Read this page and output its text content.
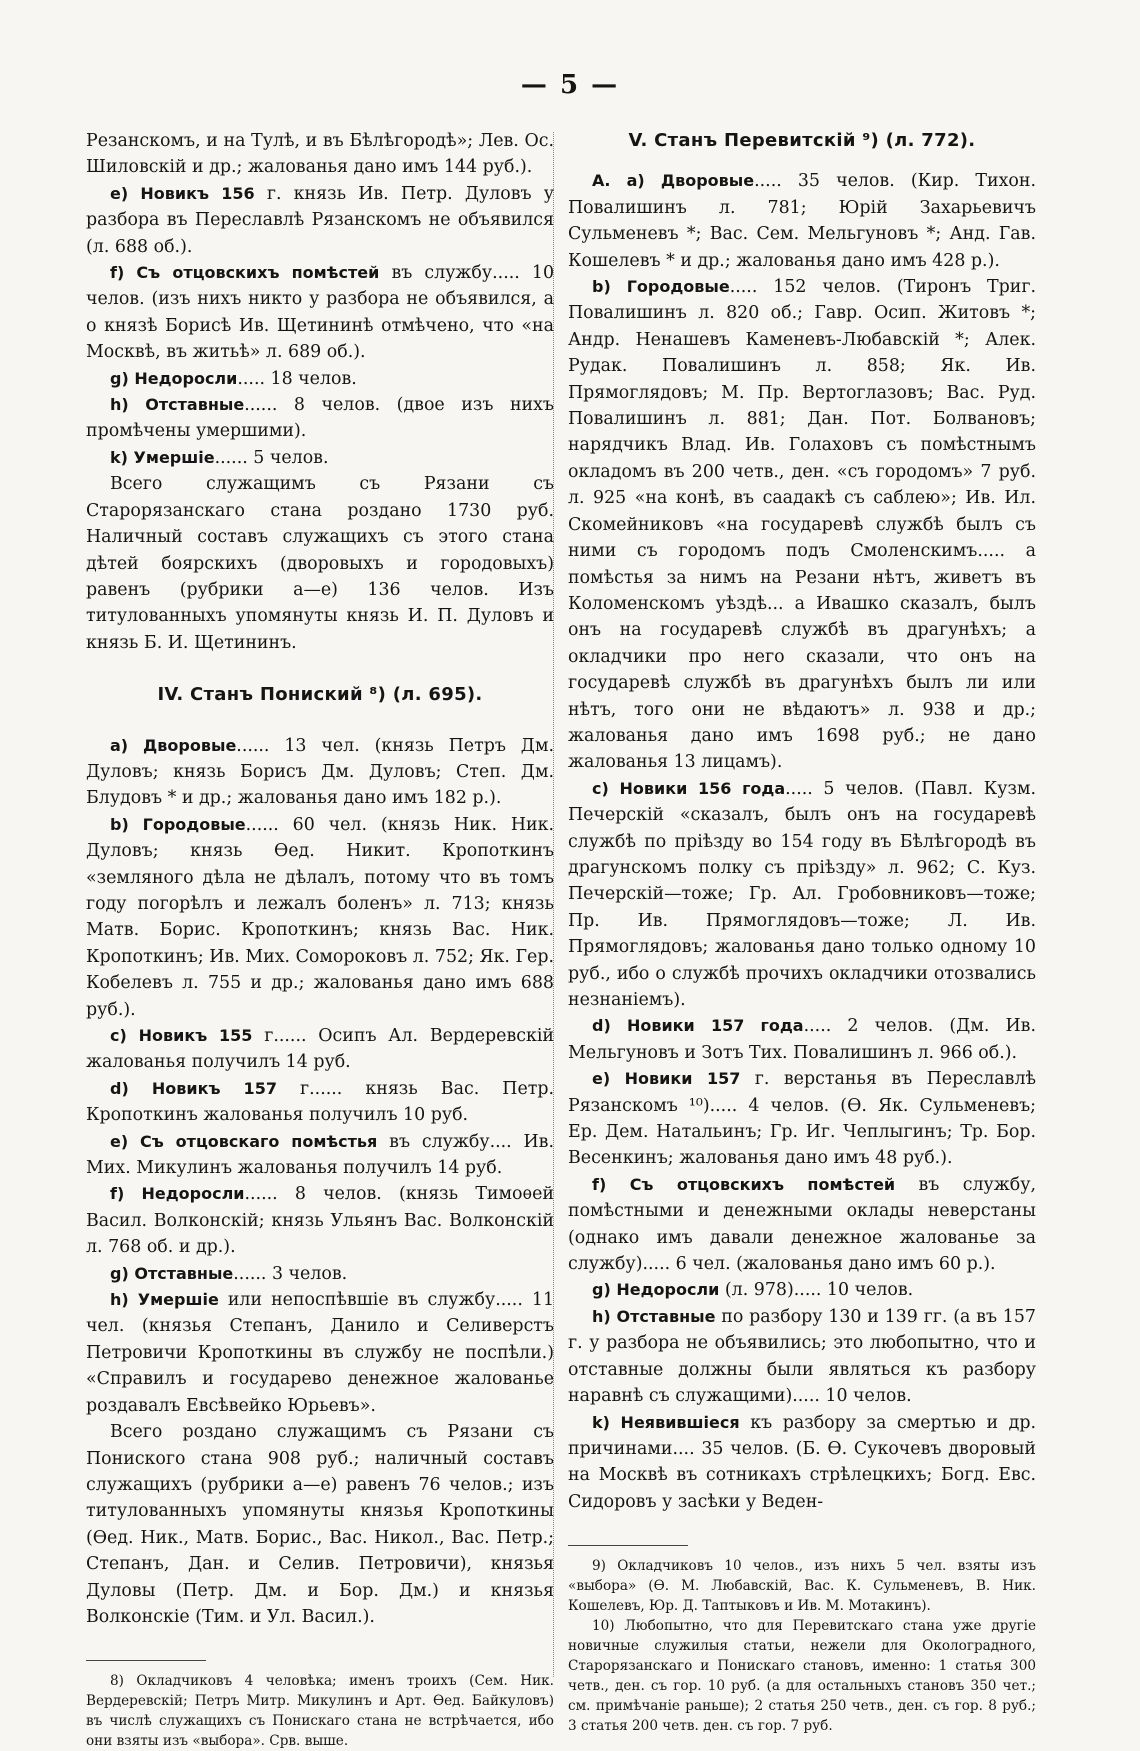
— 5 —

Резанскомъ, и на Тулѣ, и въ Бѣлѣгородѣ»; Лев. Ос. Шиловскій и др.; жалованья дано имъ 144 руб.).

е) Новикъ 156 г. князь Ив. Петр. Дуловъ у разбора въ Переславлѣ Рязанскомъ не объявился (л. 688 об.).

f) Съ отцовскихъ помѣстей въ службу..... 10 челов. (изъ нихъ никто у разбора не объявился, а о князѣ Борисѣ Ив. Щетининѣ отмѣчено, что «на Москвѣ, въ житьѣ» л. 689 об.).

g) Недоросли..... 18 челов.

h) Отставные...... 8 челов. (двое изъ нихъ промѣчены умершими).

k) Умершіе...... 5 челов.

Всего служащимъ съ Рязани съ Старорязанскаго стана роздано 1730 руб. Наличный составъ служащихъ съ этого стана дѣтей боярскихъ (дворовыхъ и городовыхъ) равенъ (рубрики а—е) 136 челов. Изъ титулованныхъ упомянуты князь И. П. Дуловъ и князь Б. И. Щетининъ.

IV. Станъ Пониский ⁸) (л. 695).

а) Дворовые...... 13 чел. (князь Петръ Дм. Дуловъ; князь Борисъ Дм. Дуловъ; Степ. Дм. Блудовъ * и др.; жалованья дано имъ 182 р.).

b) Городовые...... 60 чел. (князь Ник. Ник. Дуловъ; князь Ѳед. Никит. Кропоткинъ «земляного дѣла не дѣлалъ, потому что въ томъ году погорѣлъ и лежалъ боленъ» л. 713; князь Матв. Борис. Кропоткинъ; князь Вас. Ник. Кропоткинъ; Ив. Мих. Сомороковъ л. 752; Як. Гер. Кобелевъ л. 755 и др.; жалованья дано имъ 688 руб.).

c) Новикъ 155 г...... Осипъ Ал. Вердеревскій жалованья получилъ 14 руб.

d) Новикъ 157 г...... князь Вас. Петр. Кропоткинъ жалованья получилъ 10 руб.

e) Съ отцовскаго помѣстья въ службу.... Ив. Мих. Микулинъ жалованья получилъ 14 руб.

f) Недоросли...... 8 челов. (князь Тимоѳей Васил. Волконскій; князь Ульянъ Вас. Волконскій л. 768 об. и др.).

g) Отставные...... 3 челов.

h) Умершіе или непоспѣвшіе въ службу..... 11 чел. (князья Степанъ, Данило и Селиверстъ Петровичи Кропоткины въ службу не поспѣли.) «Справилъ и государево денежное жалованье роздавалъ Евсѣвейко Юрьевъ».

Всего роздано служащимъ съ Рязани съ Пониского стана 908 руб.; наличный составъ служащихъ (рубрики а—е) равенъ 76 челов.; изъ титулованныхъ упомянуты князья Кропоткины (Ѳед. Ник., Матв. Борис., Вас. Никол., Вас. Петр.; Степанъ, Дан. и Селив. Петровичи), князья Дуловы (Петр. Дм. и Бор. Дм.) и князья Волконскіе (Тим. и Ул. Васил.).

8) Окладчиковъ 4 человѣка; именъ троихъ (Сем. Ник. Вердеревскій; Петръ Митр. Микулинъ и Арт. Ѳед. Байкуловъ) въ числѣ служащихъ съ Понискаго стана не встрѣчается, ибо они взяты изъ «выбора». Срв. выше.

V. Станъ Перевитскій ⁹) (л. 772).

А. а) Дворовые..... 35 челов. (Кир. Тихон. Повалишинъ л. 781; Юрій Захарьевичъ Сульменевъ *; Вас. Сем. Мельгуновъ *; Анд. Гав. Кошелевъ * и др.; жалованья дано имъ 428 р.).

b) Городовые..... 152 челов. (Тиронъ Триг. Повалишинъ л. 820 об.; Гавр. Осип. Житовъ *; Андр. Ненашевъ Каменевъ-Любавскій *; Алек. Рудак. Повалишинъ л. 858; Як. Ив. Прямоглядовъ; М. Пр. Вертоглазовъ; Вас. Руд. Повалишинъ л. 881; Дан. Пот. Болвановъ; нарядчикъ Влад. Ив. Голаховъ съ помѣстнымъ окладомъ въ 200 четв., ден. «съ городомъ» 7 руб. л. 925 «на конѣ, въ саадакѣ съ саблею»; Ив. Ил. Скомейниковъ «на государевѣ службѣ былъ съ ними съ городомъ подъ Смоленскимъ..... а помѣстья за нимъ на Резани нѣтъ, живетъ въ Коломенскомъ уѣздѣ... а Ивашко сказалъ, былъ онъ на государевѣ службѣ въ драгунѣхъ; а окладчики про него сказали, что онъ на государевѣ службѣ въ драгунѣхъ былъ ли или нѣтъ, того они не вѣдаютъ» л. 938 и др.; жалованья дано имъ 1698 руб.; не дано жалованья 13 лицамъ).

c) Новики 156 года..... 5 челов. (Павл. Кузм. Печерскій «сказалъ, былъ онъ на государевѣ службѣ по пріѣзду во 154 году въ Бѣлѣгородѣ въ драгунскомъ полку съ пріѣзду» л. 962; С. Куз. Печерскій—тоже; Гр. Ал. Гробовниковъ—тоже; Пр. Ив. Прямоглядовъ—тоже; Л. Ив. Прямоглядовъ; жалованья дано только одному 10 руб., ибо о службѣ прочихъ окладчики отозвались незнаніемъ).

d) Новики 157 года..... 2 челов. (Дм. Ив. Мельгуновъ и Зотъ Тих. Повалишинъ л. 966 об.).

e) Новики 157 г. верстанья въ Переславлѣ Рязанскомъ ¹⁰)..... 4 челов. (Ѳ. Як. Сульменевъ; Ер. Дем. Натальинъ; Гр. Иг. Чеплыгинъ; Тр. Бор. Весенкинъ; жалованья дано имъ 48 руб.).

f) Съ отцовскихъ помѣстей въ службу, помѣстными и денежными оклады неверстаны (однако имъ давали денежное жалованье за службу)..... 6 чел. (жалованья дано имъ 60 р.).

g) Недоросли (л. 978)..... 10 челов.

h) Отставные по разбору 130 и 139 гг. (а въ 157 г. у разбора не объявились; это любопытно, что и отставные должны были являться къ разбору наравнѣ съ служащими)..... 10 челов.

k) Неявившіеся къ разбору за смертью и др. причинами.... 35 челов. (Б. Ѳ. Сукочевъ дворовый на Москвѣ въ сотникахъ стрѣлецкихъ; Богд. Евс. Сидоровъ у засѣки у Веден-

9) Окладчиковъ 10 челов., изъ нихъ 5 чел. взяты изъ «выбора» (Ѳ. М. Любавскій, Вас. К. Сульменевъ, В. Ник. Кошелевъ, Юр. Д. Таптыковъ и Ив. М. Мотакинъ).

10) Любопытно, что для Перевитскаго стана уже другіе новичные служилыя статьи, нежели для Околоградного, Старорязанскаго и Понискаго становъ, именно: 1 статья 300 четв., ден. съ гор. 10 руб. (а для остальныхъ становъ 350 чет.; см. примѣчаніе раньше); 2 статья 250 четв., ден. съ гор. 8 руб.; 3 статья 200 четв. ден. съ гор. 7 руб.
